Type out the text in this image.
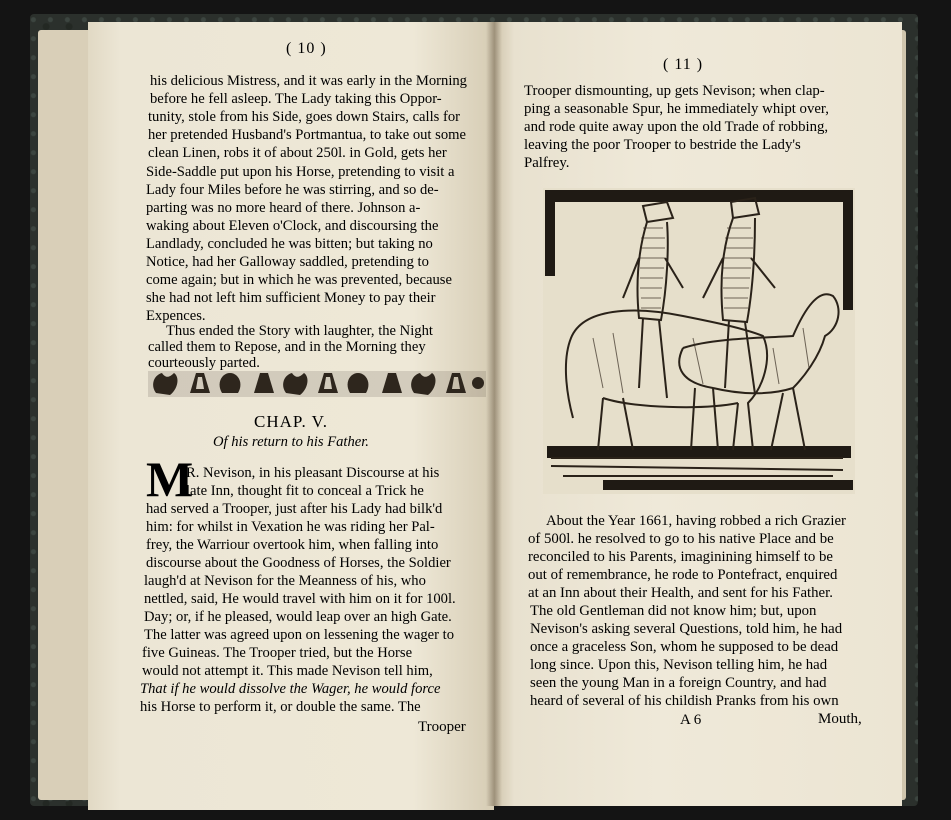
( 10 )
his delicious Mistress, and it was early in the Morning
before he fell asleep. The Lady taking this Oppor-
tunity, stole from his Side, goes down Stairs, calls for
her pretended Husband's Portmantua, to take out some
clean Linen, robs it of about 250l. in Gold, gets her
Side-Saddle put upon his Horse, pretending to visit a
Lady four Miles before he was stirring, and so de-
parting was no more heard of there. Johnson a-
waking about Eleven o'Clock, and discoursing the
Landlady, concluded he was bitten; but taking no
Notice, had her Galloway saddled, pretending to
come again; but in which he was prevented, because
she had not left him sufficient Money to pay their
Expences.
Thus ended the Story with laughter, the Night
called them to Repose, and in the Morning they
courteously parted.
CHAP. V.
Of his return to his Father.
M
R. Nevison, in his pleasant Discourse at his
late Inn, thought fit to conceal a Trick he
had served a Trooper, just after his Lady had bilk'd
him: for whilst in Vexation he was riding her Pal-
frey, the Warriour overtook him, when falling into
discourse about the Goodness of Horses, the Soldier
laugh'd at Nevison for the Meanness of his, who
nettled, said, He would travel with him on it for 100l.
Day; or, if he pleased, would leap over an high Gate.
The latter was agreed upon on lessening the wager to
five Guineas. The Trooper tried, but the Horse
would not attempt it. This made Nevison tell him,
That if he would dissolve the Wager, he would force
his Horse to perform it, or double the same. The
Trooper
( 11 )
Trooper dismounting, up gets Nevison; when clap-
ping a seasonable Spur, he immediately whipt over,
and rode quite away upon the old Trade of robbing,
leaving the poor Trooper to bestride the Lady's
Palfrey.
About the Year 1661, having robbed a rich Grazier
of 500l. he resolved to go to his native Place and be
reconciled to his Parents, imaginining himself to be
out of remembrance, he rode to Pontefract, enquired
at an Inn about their Health, and sent for his Father.
The old Gentleman did not know him; but, upon
Nevison's asking several Questions, told him, he had
once a graceless Son, whom he supposed to be dead
long since. Upon this, Nevison telling him, he had
seen the young Man in a foreign Country, and had
heard of several of his childish Pranks from his own
A 6	Mouth,
